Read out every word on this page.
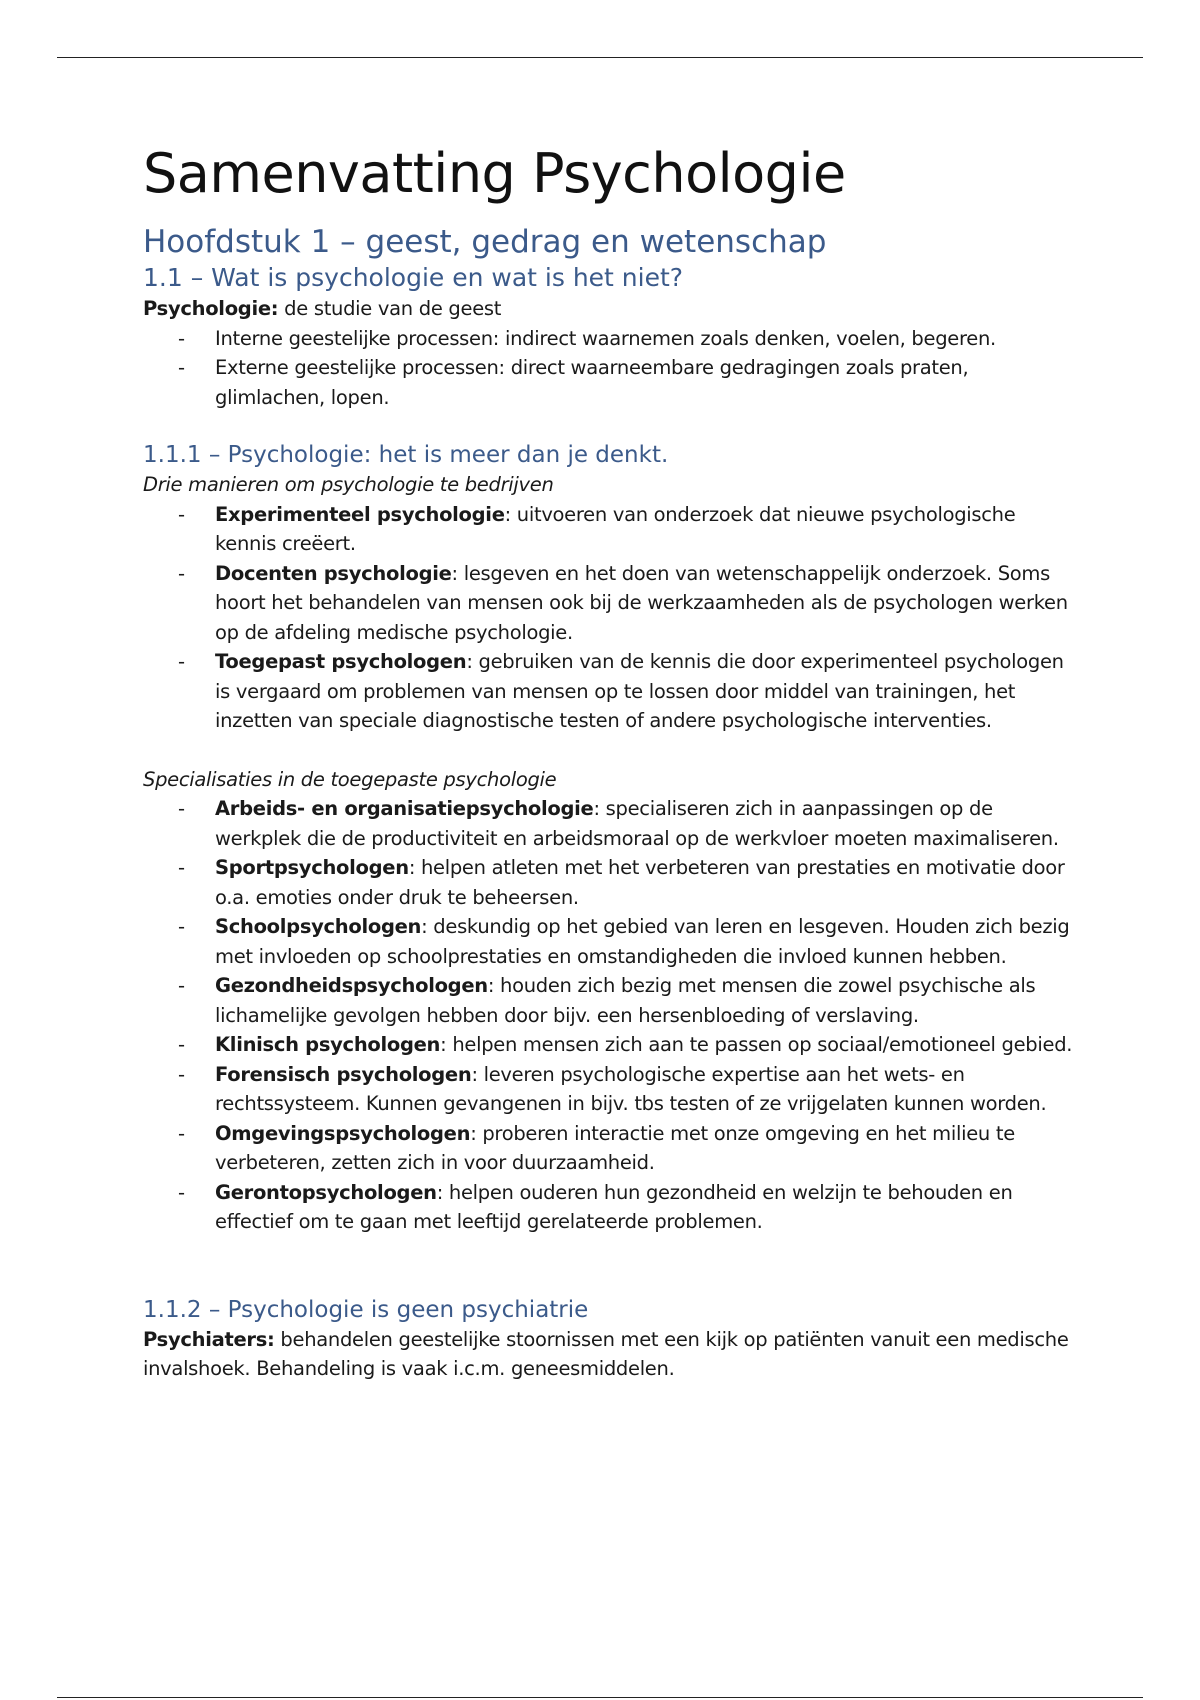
Samenvatting Psychologie
Hoofdstuk 1 – geest, gedrag en wetenschap
1.1 – Wat is psychologie en wat is het niet?

Psychologie: de studie van de geest

- Interne geestelijke processen: indirect waarnemen zoals denken, voelen, begeren.
- Externe geestelijke processen: direct waarneembare gedragingen zoals praten, glimlachen, lopen.
1.1.1 – Psychologie: het is meer dan je denkt.

Drie manieren om psychologie te bedrijven

- Experimenteel psychologie: uitvoeren van onderzoek dat nieuwe psychologische kennis creëert.
- Docenten psychologie: lesgeven en het doen van wetenschappelijk onderzoek. Soms hoort het behandelen van mensen ook bij de werkzaamheden als de psychologen werken op de afdeling medische psychologie.
- Toegepast psychologen: gebruiken van de kennis die door experimenteel psychologen is vergaard om problemen van mensen op te lossen door middel van trainingen, het inzetten van speciale diagnostische testen of andere psychologische interventies.

Specialisaties in de toegepaste psychologie

- Arbeids- en organisatiepsychologie: specialiseren zich in aanpassingen op de werkplek die de productiviteit en arbeidsmoraal op de werkvloer moeten maximaliseren.
- Sportpsychologen: helpen atleten met het verbeteren van prestaties en motivatie door o.a. emoties onder druk te beheersen.
- Schoolpsychologen: deskundig op het gebied van leren en lesgeven. Houden zich bezig met invloeden op schoolprestaties en omstandigheden die invloed kunnen hebben.
- Gezondheidspsychologen: houden zich bezig met mensen die zowel psychische als lichamelijke gevolgen hebben door bijv. een hersenbloeding of verslaving.
- Klinisch psychologen: helpen mensen zich aan te passen op sociaal/emotioneel gebied.
- Forensisch psychologen: leveren psychologische expertise aan het wets- en rechtssysteem. Kunnen gevangenen in bijv. tbs testen of ze vrijgelaten kunnen worden.
- Omgevingspsychologen: proberen interactie met onze omgeving en het milieu te verbeteren, zetten zich in voor duurzaamheid.
- Gerontopsychologen: helpen ouderen hun gezondheid en welzijn te behouden en effectief om te gaan met leeftijd gerelateerde problemen.
1.1.2 – Psychologie is geen psychiatrie

Psychiaters: behandelen geestelijke stoornissen met een kijk op patiënten vanuit een medische invalshoek. Behandeling is vaak i.c.m. geneesmiddelen.
